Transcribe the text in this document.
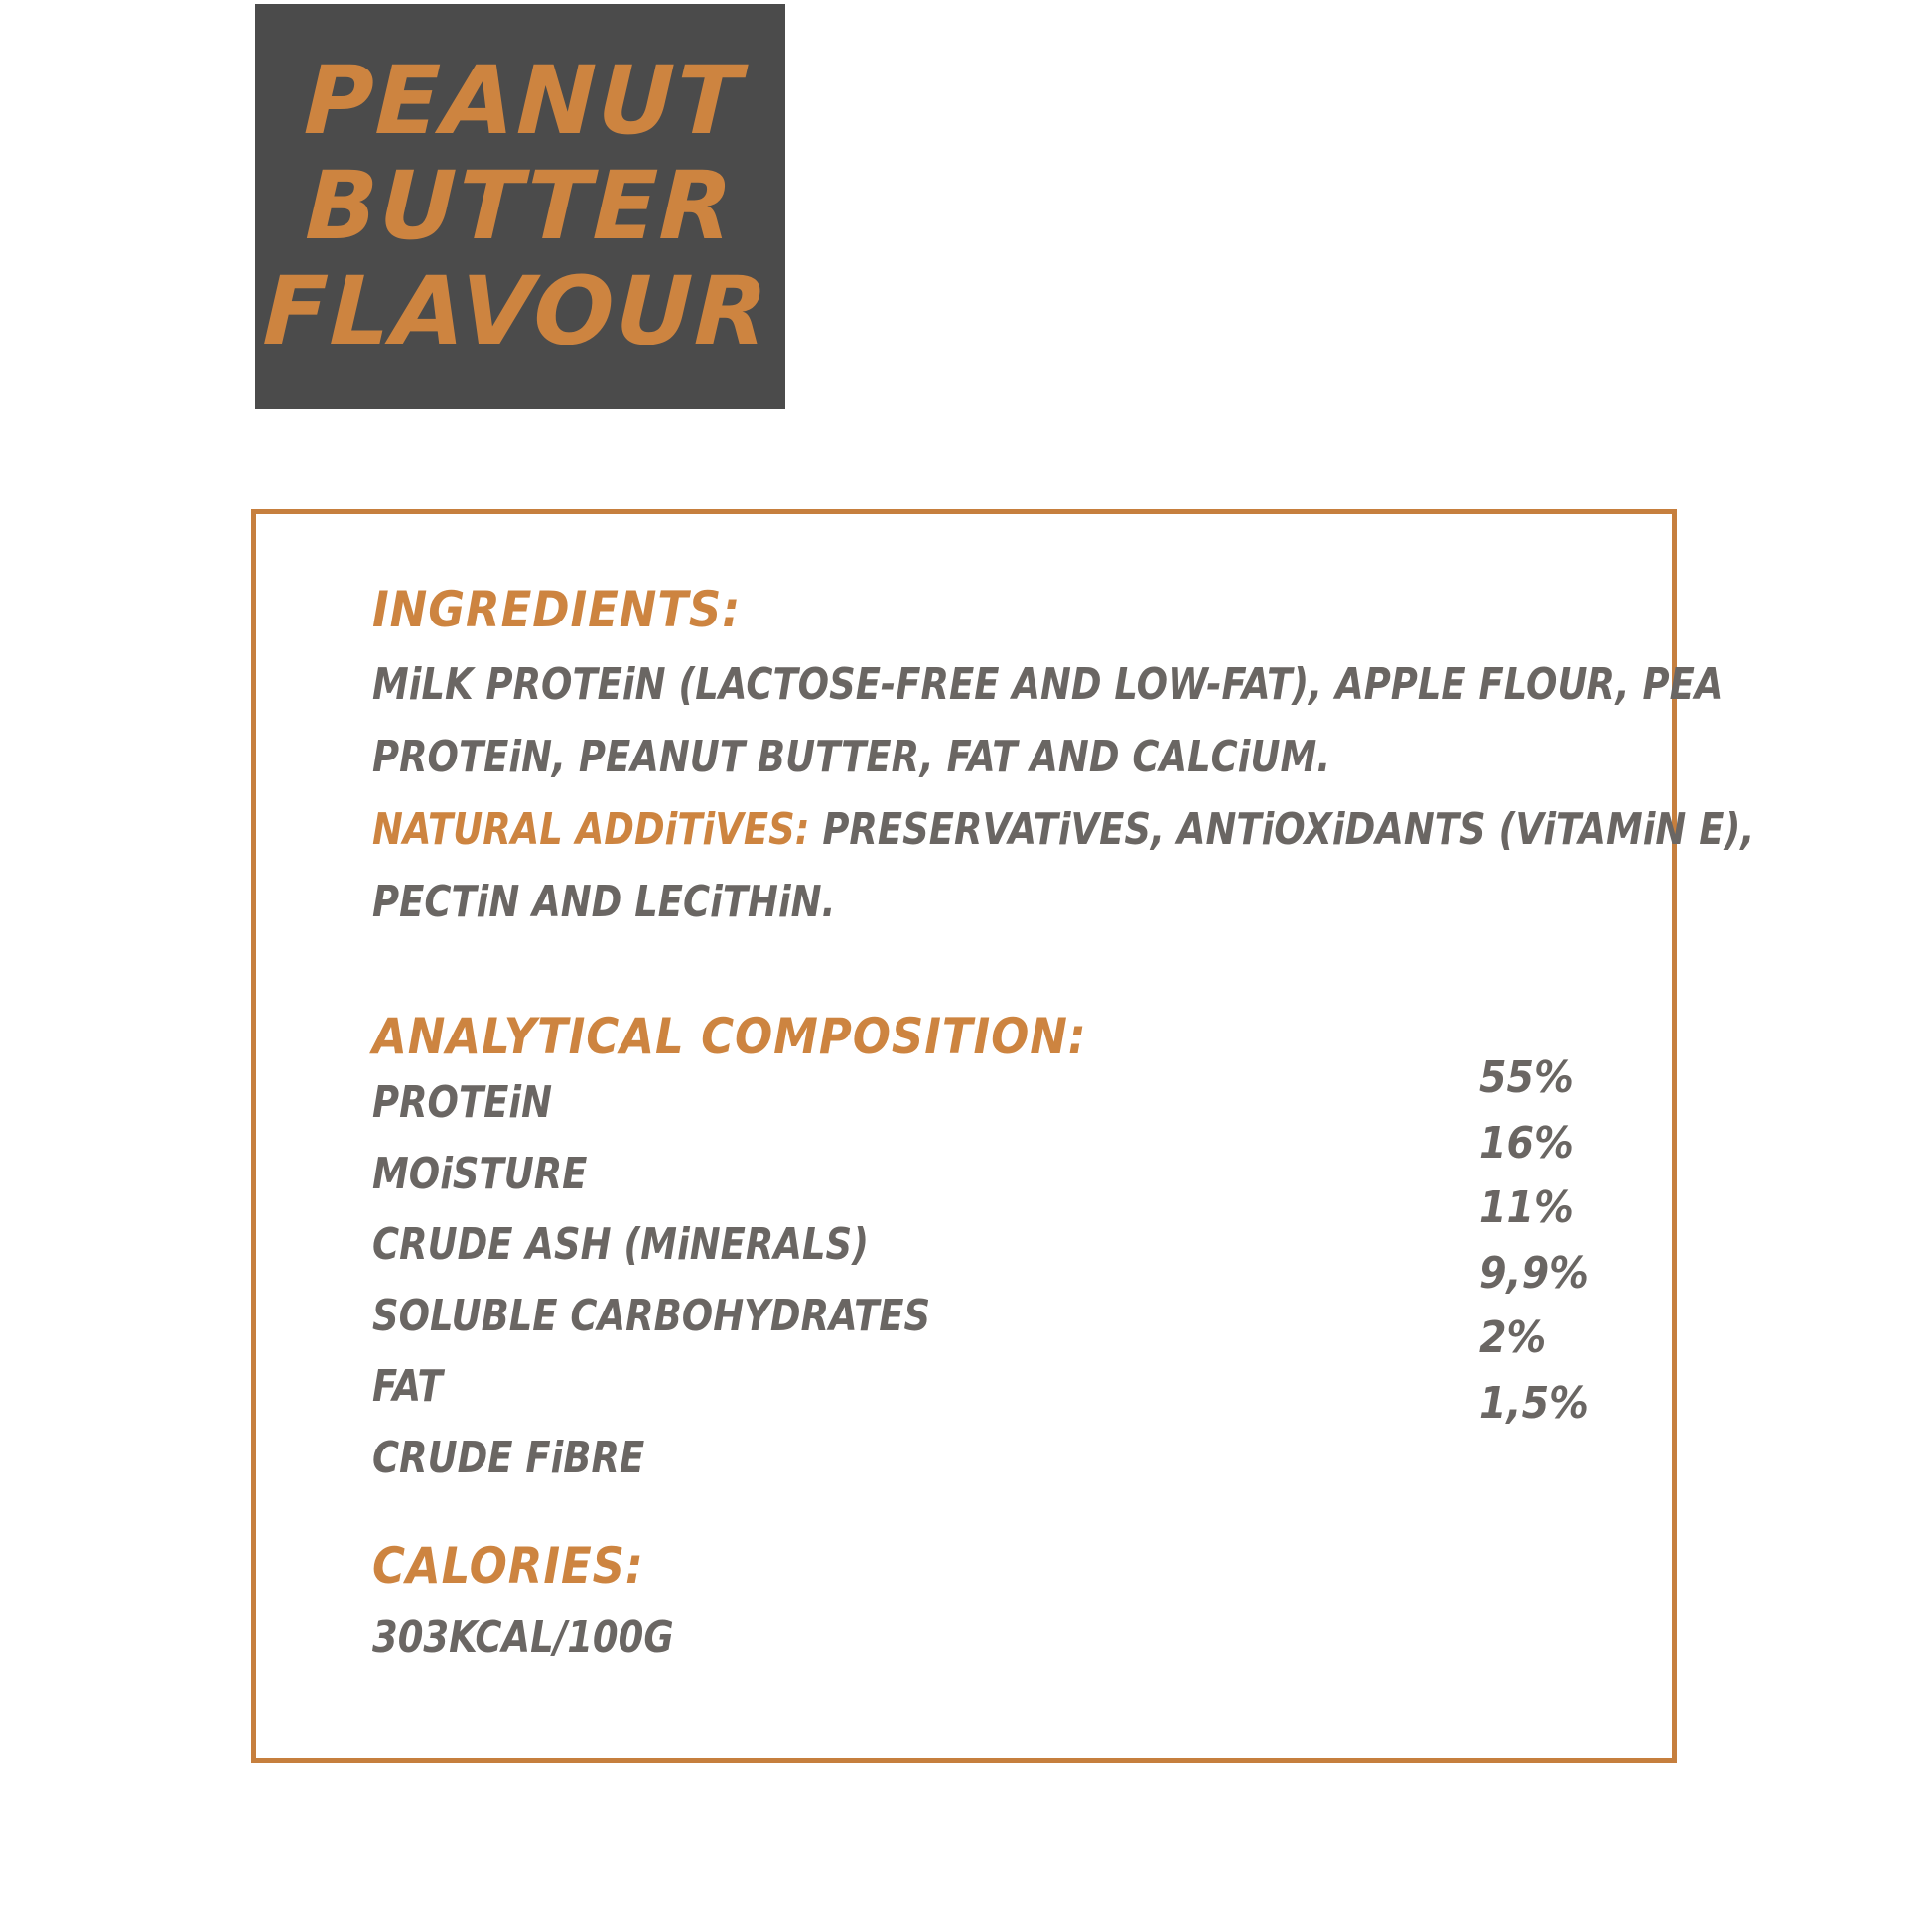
PEANUT
BUTTER
FLAVOUR
INGREDIENTS:
MiLK PROTEiN (LACTOSE-FREE AND LOW-FAT), APPLE FLOUR, PEA
PROTEiN, PEANUT BUTTER, FAT AND CALCiUM.
NATURAL ADDiTiVES: PRESERVATiVES, ANTiOXiDANTS (ViTAMiN E),
PECTiN AND LECiTHiN.
ANALYTICAL COMPOSITION:
PROTEiN
MOiSTURE
CRUDE ASH (MiNERALS)
SOLUBLE CARBOHYDRATES
FAT
CRUDE FiBRE
55%
16%
11%
9,9%
2%
1,5%
CALORIES:
303KCAL/100G
